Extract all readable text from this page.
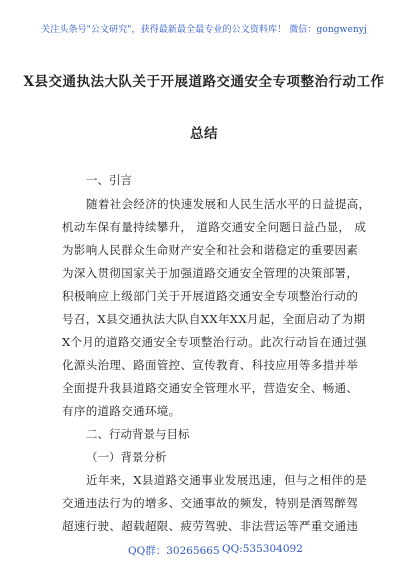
关注头条号"公文研究"，获得最新最全最专业的公文资料库！ 微信：gongwenyj
X县交通执法大队关于开展道路交通安全专项整治行动工作
总结
一、引言
随着社会经济的快速发展和人民生活水平的日益提高，
机动车保有量持续攀升， 道路交通安全问题日益凸显， 成
为影响人民群众生命财产安全和社会和谐稳定的重要因素
为深入贯彻国家关于加强道路交通安全管理的决策部署，
积极响应上级部门关于开展道路交通安全专项整治行动的
号召，X县交通执法大队自XX年XX月起，全面启动了为期
X个月的道路交通安全专项整治行动。此次行动旨在通过强
化源头治理、路面管控、宣传教育、科技应用等多措并举
全面提升我县道路交通安全管理水平，营造安全、畅通、
有序的道路交通环境。
二、行动背景与目标
（一）背景分析
近年来，X县道路交通事业发展迅速，但与之相伴的是
交通违法行为的增多、交通事故的频发，特别是酒驾醉驾
超速行驶、超载超限、疲劳驾驶、非法营运等严重交通违
QQ群：30265665 QQ:535304092
